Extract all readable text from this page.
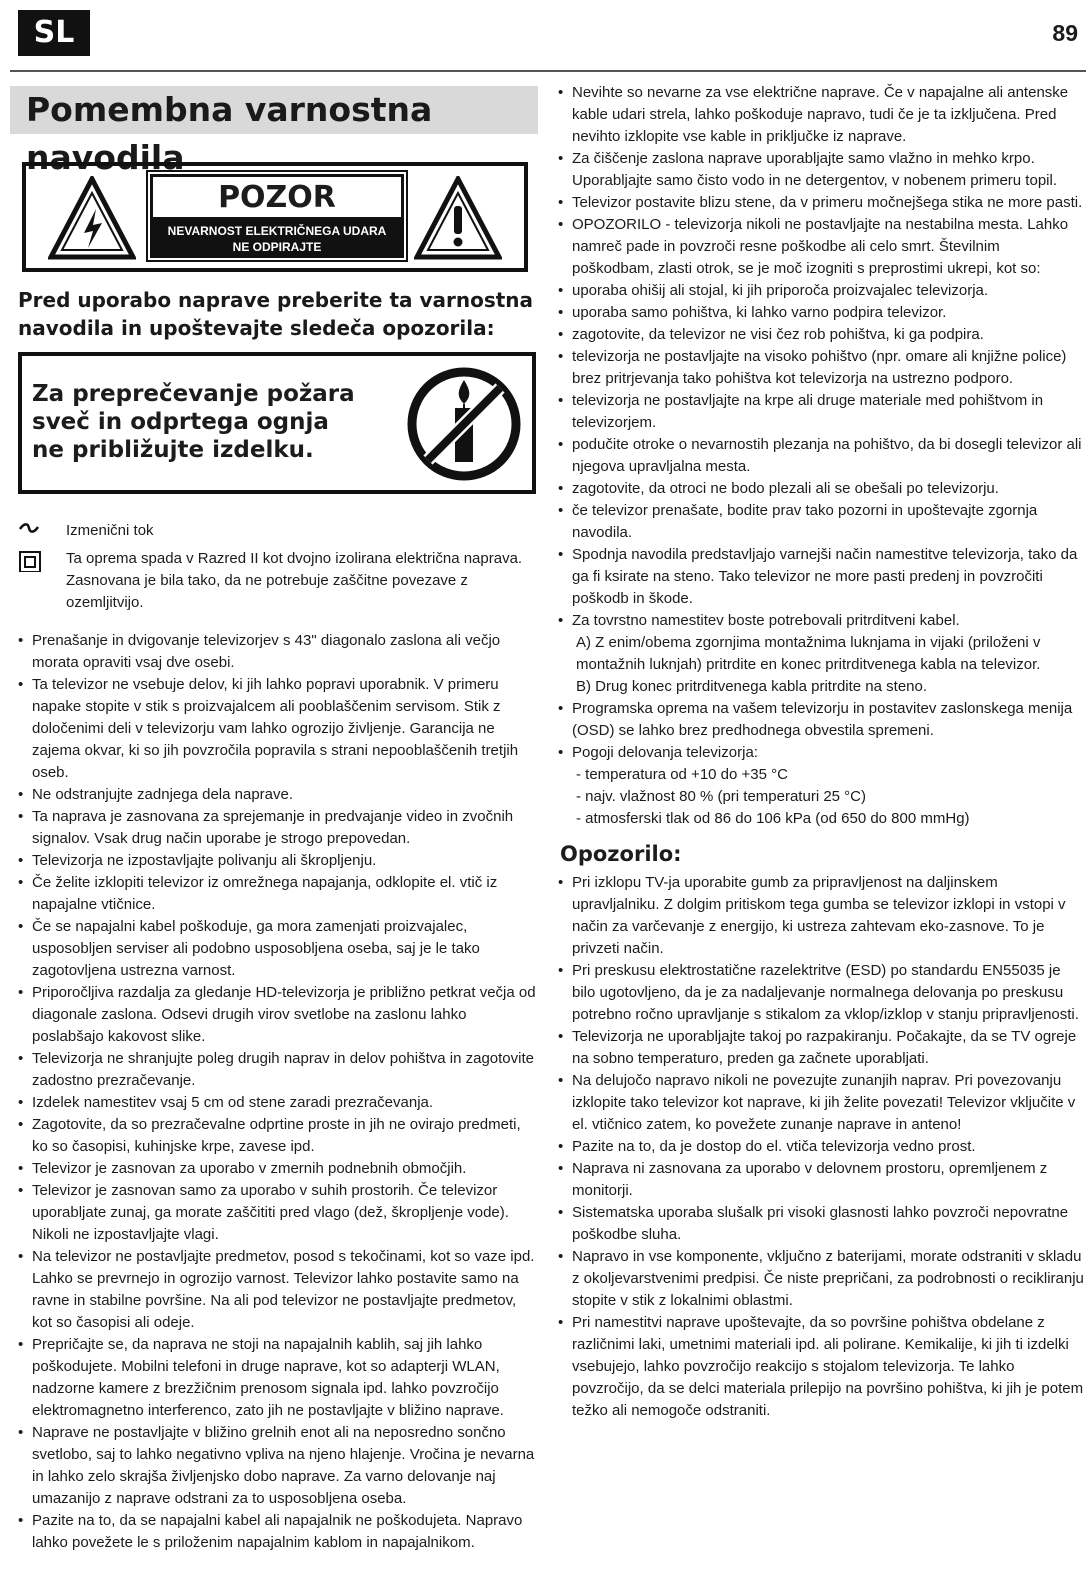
SL	89
Pomembna varnostna navodila
POZOR
NEVARNOST ELEKTRIČNEGA UDARA
NE ODPIRAJTE
Pred uporabo naprave preberite ta varnostna navodila in upoštevajte sledeča opozorila:
Za preprečevanje požara sveč in odprtega ognja ne približujte izdelku.
Izmenični tok
Ta oprema spada v Razred II kot dvojno izolirana električna naprava. Zasnovana je bila tako, da ne potrebuje zaščitne povezave z ozemljitvijo.
• Prenašanje in dvigovanje televizorjev s 43" diagonalo zaslona ali večjo morata opraviti vsaj dve osebi.
• Ta televizor ne vsebuje delov, ki jih lahko popravi uporabnik. V primeru napake stopite v stik s proizvajalcem ali pooblaščenim servisom. Stik z določenimi deli v televizorju vam lahko ogrozijo življenje. Garancija ne zajema okvar, ki so jih povzročila popravila s strani nepooblaščenih tretjih oseb.
• Ne odstranjujte zadnjega dela naprave.
• Ta naprava je zasnovana za sprejemanje in predvajanje video in zvočnih signalov. Vsak drug način uporabe je strogo prepovedan.
• Televizorja ne izpostavljajte polivanju ali škropljenju.
• Če želite izklopiti televizor iz omrežnega napajanja, odklopite el. vtič iz napajalne vtičnice.
• Če se napajalni kabel poškoduje, ga mora zamenjati proizvajalec, usposobljen serviser ali podobno usposobljena oseba, saj je le tako zagotovljena ustrezna varnost.
• Priporočljiva razdalja za gledanje HD-televizorja je približno petkrat večja od diagonale zaslona. Odsevi drugih virov svetlobe na zaslonu lahko poslabšajo kakovost slike.
• Televizorja ne shranjujte poleg drugih naprav in delov pohištva in zagotovite zadostno prezračevanje.
• Izdelek namestitev vsaj 5 cm od stene zaradi prezračevanja.
• Zagotovite, da so prezračevalne odprtine proste in jih ne ovirajo predmeti, ko so časopisi, kuhinjske krpe, zavese ipd.
• Televizor je zasnovan za uporabo v zmernih podnebnih območjih.
• Televizor je zasnovan samo za uporabo v suhih prostorih. Če televizor uporabljate zunaj, ga morate zaščititi pred vlago (dež, škropljenje vode). Nikoli ne izpostavljajte vlagi.
• Na televizor ne postavljajte predmetov, posod s tekočinami, kot so vaze ipd. Lahko se prevrnejo in ogrozijo varnost. Televizor lahko postavite samo na ravne in stabilne površine. Na ali pod televizor ne postavljajte predmetov, kot so časopisi ali odeje.
• Prepričajte se, da naprava ne stoji na napajalnih kablih, saj jih lahko poškodujete. Mobilni telefoni in druge naprave, kot so adapterji WLAN, nadzorne kamere z brezžičnim prenosom signala ipd. lahko povzročijo elektromagnetno interferenco, zato jih ne postavljajte v bližino naprave.
• Naprave ne postavljajte v bližino grelnih enot ali na neposredno sončno svetlobo, saj to lahko negativno vpliva na njeno hlajenje. Vročina je nevarna in lahko zelo skrajša življenjsko dobo naprave. Za varno delovanje naj umazanijo z naprave odstrani za to usposobljena oseba.
• Pazite na to, da se napajalni kabel ali napajalnik ne poškodujeta. Napravo lahko povežete le s priloženim napajalnim kablom in napajalnikom.
• Nevihte so nevarne za vse električne naprave. Če v napajalne ali antenske kable udari strela, lahko poškoduje napravo, tudi če je ta izključena. Pred nevihto izklopite vse kable in priključke iz naprave.
• Za čiščenje zaslona naprave uporabljajte samo vlažno in mehko krpo. Uporabljajte samo čisto vodo in ne detergentov, v nobenem primeru topil.
• Televizor postavite blizu stene, da v primeru močnejšega stika ne more pasti.
• OPOZORILO - televizorja nikoli ne postavljajte na nestabilna mesta. Lahko namreč pade in povzroči resne poškodbe ali celo smrt. Številnim poškodbam, zlasti otrok, se je moč izogniti s preprostimi ukrepi, kot so:
• uporaba ohišij ali stojal, ki jih priporoča proizvajalec televizorja.
• uporaba samo pohištva, ki lahko varno podpira televizor.
• zagotovite, da televizor ne visi čez rob pohištva, ki ga podpira.
• televizorja ne postavljajte na visoko pohištvo (npr. omare ali knjižne police) brez pritrjevanja tako pohištva kot televizorja na ustrezno podporo.
• televizorja ne postavljajte na krpe ali druge materiale med pohištvom in televizorjem.
• podučite otroke o nevarnostih plezanja na pohištvo, da bi dosegli televizor ali njegova upravljalna mesta.
• zagotovite, da otroci ne bodo plezali ali se obešali po televizorju.
• če televizor prenašate, bodite prav tako pozorni in upoštevajte zgornja navodila.
• Spodnja navodila predstavljajo varnejši način namestitve televizorja, tako da ga fi ksirate na steno. Tako televizor ne more pasti predenj in povzročiti poškodb in škode.
• Za tovrstno namestitev boste potrebovali pritrditveni kabel.
A) Z enim/obema zgornjima montažnima luknjama in vijaki (priloženi v montažnih luknjah) pritrdite en konec pritrditvenega kabla na televizor.
B) Drug konec pritrditvenega kabla pritrdite na steno.
• Programska oprema na vašem televizorju in postavitev zaslonskega menija (OSD) se lahko brez predhodnega obvestila spremeni.
• Pogoji delovanja televizorja:
- temperatura od +10 do +35 °C
- najv. vlažnost 80 % (pri temperaturi 25 °C)
- atmosferski tlak od 86 do 106 kPa (od 650 do 800 mmHg)
Opozorilo:
• Pri izklopu TV-ja uporabite gumb za pripravljenost na daljinskem upravljalniku. Z dolgim pritiskom tega gumba se televizor izklopi in vstopi v način za varčevanje z energijo, ki ustreza zahtevam eko-zasnove. To je privzeti način.
• Pri preskusu elektrostatične razelektritve (ESD) po standardu EN55035 je bilo ugotovljeno, da je za nadaljevanje normalnega delovanja po preskusu potrebno ročno upravljanje s stikalom za vklop/izklop v stanju pripravljenosti.
• Televizorja ne uporabljajte takoj po razpakiranju. Počakajte, da se TV ogreje na sobno temperaturo, preden ga začnete uporabljati.
• Na delujočo napravo nikoli ne povezujte zunanjih naprav. Pri povezovanju izklopite tako televizor kot naprave, ki jih želite povezati! Televizor vključite v el. vtičnico zatem, ko povežete zunanje naprave in anteno!
• Pazite na to, da je dostop do el. vtiča televizorja vedno prost.
• Naprava ni zasnovana za uporabo v delovnem prostoru, opremljenem z monitorji.
• Sistematska uporaba slušalk pri visoki glasnosti lahko povzroči nepovratne poškodbe sluha.
• Napravo in vse komponente, vključno z baterijami, morate odstraniti v skladu z okoljevarstvenimi predpisi. Če niste prepričani, za podrobnosti o recikliranju stopite v stik z lokalnimi oblastmi.
• Pri namestitvi naprave upoštevajte, da so površine pohištva obdelane z različnimi laki, umetnimi materiali ipd. ali polirane. Kemikalije, ki jih ti izdelki vsebujejo, lahko povzročijo reakcijo s stojalom televizorja. Te lahko povzročijo, da se delci materiala prilepijo na površino pohištva, ki jih je potem težko ali nemogoče odstraniti.
